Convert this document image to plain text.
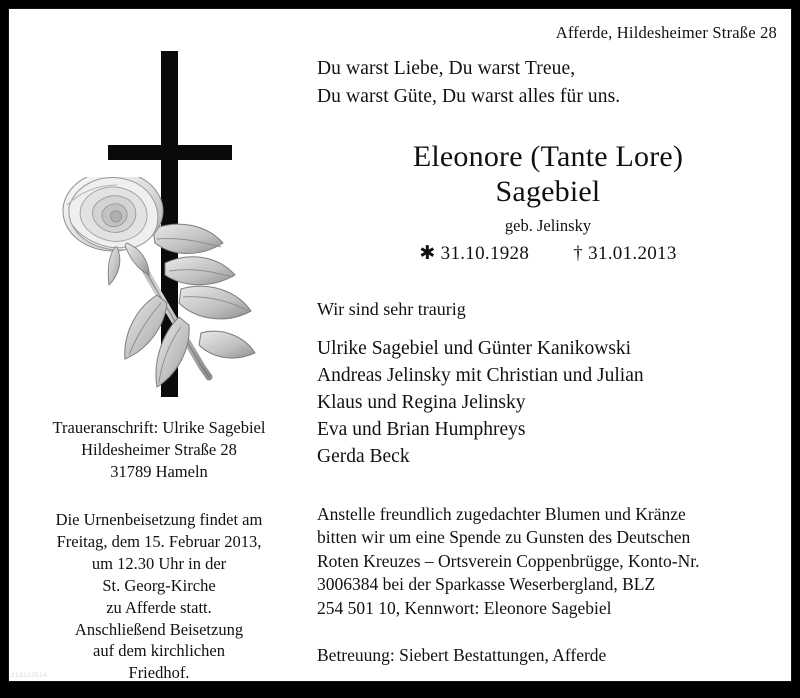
Afferde, Hildesheimer Straße 28
Traueranschrift: Ulrike Sagebiel
Hildesheimer Straße 28
31789 Hameln
Die Urnenbeisetzung findet am
Freitag, dem 15. Februar 2013,
um 12.30 Uhr in der
St. Georg-Kirche
zu Afferde statt.
Anschließend Beisetzung
auf dem kirchlichen
Friedhof.
Du warst Liebe, Du warst Treue,
Du warst Güte, Du warst alles für uns.
Eleonore (Tante Lore)
Sagebiel
geb. Jelinsky
✱ 31.10.1928 † 31.01.2013
Wir sind sehr traurig
Ulrike Sagebiel und Günter Kanikowski
Andreas Jelinsky mit Christian und Julian
Klaus und Regina Jelinsky
Eva und Brian Humphreys
Gerda Beck
Anstelle freundlich zugedachter Blumen und Kränze
bitten wir um eine Spende zu Gunsten des Deutschen
Roten Kreuzes – Ortsverein Coppenbrügge, Konto-Nr.
3006384 bei der Sparkasse Weserbergland, BLZ
254 501 10, Kennwort: Eleonore Sagebiel
Betreuung: Siebert Bestattungen, Afferde
213122514
